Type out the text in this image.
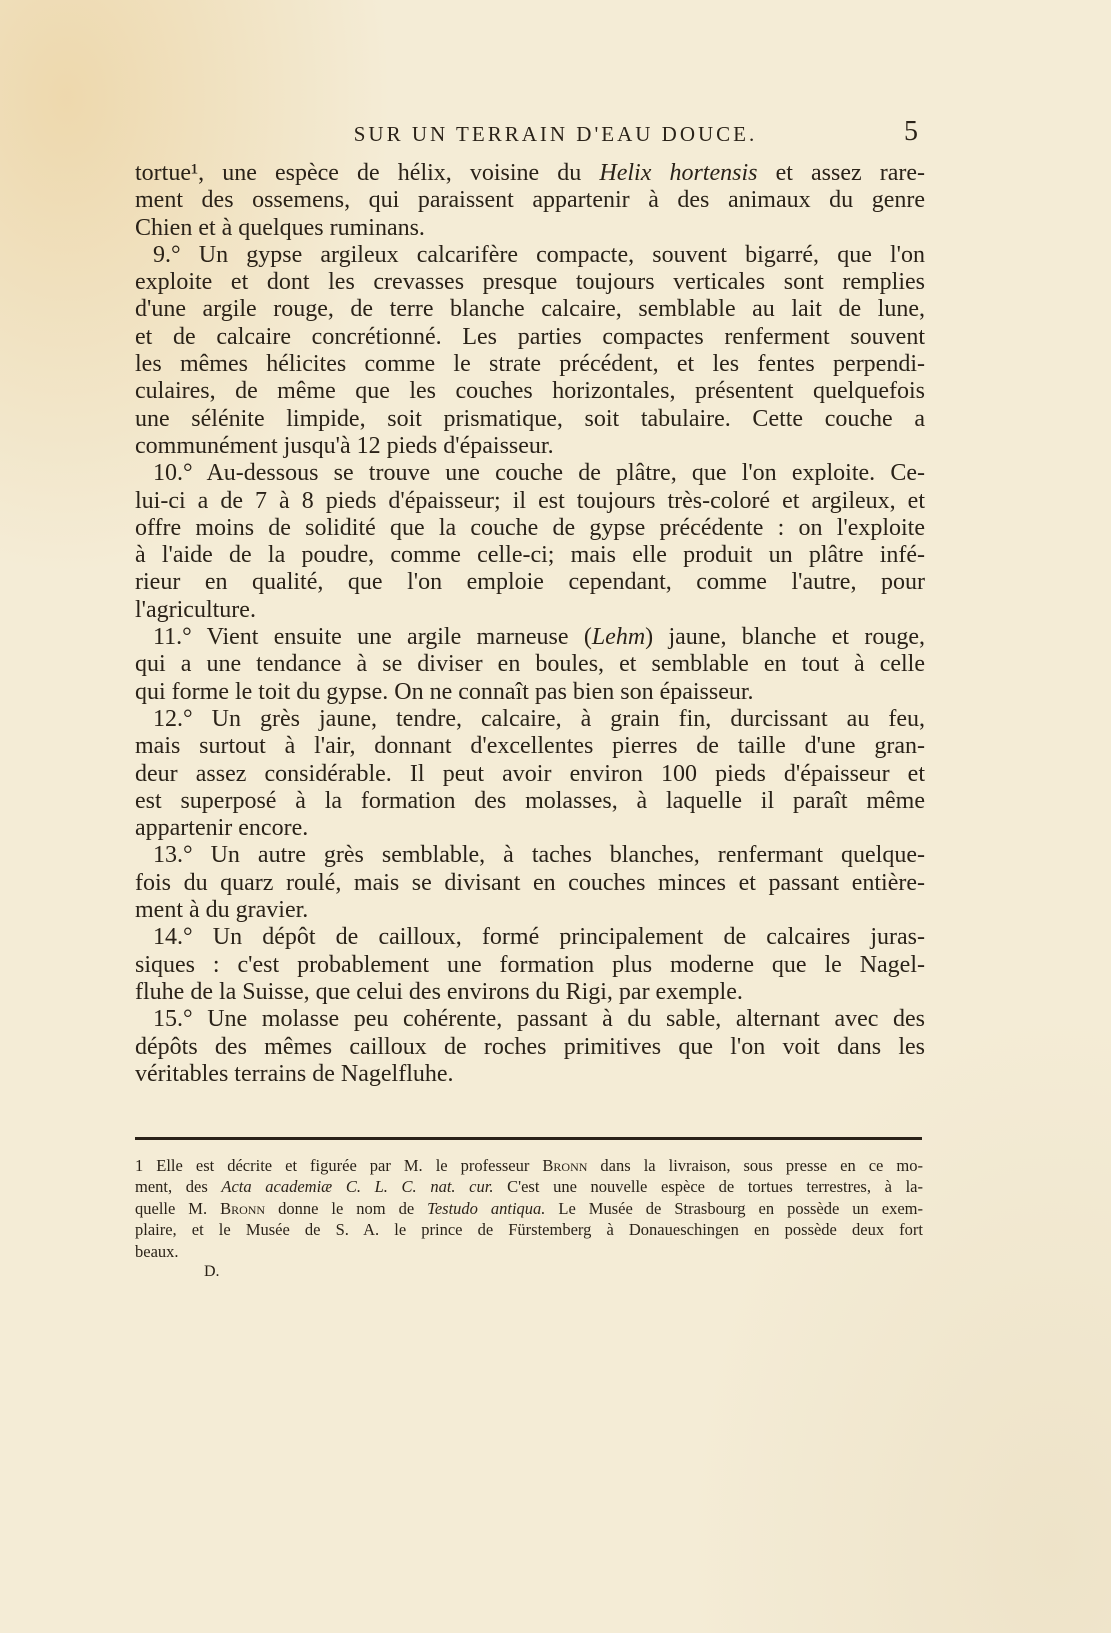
SUR UN TERRAIN D'EAU DOUCE.	5
tortue¹, une espèce de hélix, voisine du Helix hortensis et assez rare-
ment des ossemens, qui paraissent appartenir à des animaux du genre
Chien et à quelques ruminans.
9.° Un gypse argileux calcarifère compacte, souvent bigarré, que l'on
exploite et dont les crevasses presque toujours verticales sont remplies
d'une argile rouge, de terre blanche calcaire, semblable au lait de lune,
et de calcaire concrétionné. Les parties compactes renferment souvent
les mêmes hélicites comme le strate précédent, et les fentes perpendi-
culaires, de même que les couches horizontales, présentent quelquefois
une sélénite limpide, soit prismatique, soit tabulaire. Cette couche a
communément jusqu'à 12 pieds d'épaisseur.
10.° Au-dessous se trouve une couche de plâtre, que l'on exploite. Ce-
lui-ci a de 7 à 8 pieds d'épaisseur; il est toujours très-coloré et argileux, et
offre moins de solidité que la couche de gypse précédente : on l'exploite
à l'aide de la poudre, comme celle-ci; mais elle produit un plâtre infé-
rieur en qualité, que l'on emploie cependant, comme l'autre, pour
l'agriculture.
11.° Vient ensuite une argile marneuse (Lehm) jaune, blanche et rouge,
qui a une tendance à se diviser en boules, et semblable en tout à celle
qui forme le toit du gypse. On ne connaît pas bien son épaisseur.
12.° Un grès jaune, tendre, calcaire, à grain fin, durcissant au feu,
mais surtout à l'air, donnant d'excellentes pierres de taille d'une gran-
deur assez considérable. Il peut avoir environ 100 pieds d'épaisseur et
est superposé à la formation des molasses, à laquelle il paraît même
appartenir encore.
13.° Un autre grès semblable, à taches blanches, renfermant quelque-
fois du quarz roulé, mais se divisant en couches minces et passant entière-
ment à du gravier.
14.° Un dépôt de cailloux, formé principalement de calcaires juras-
siques : c'est probablement une formation plus moderne que le Nagel-
fluhe de la Suisse, que celui des environs du Rigi, par exemple.
15.° Une molasse peu cohérente, passant à du sable, alternant avec des
dépôts des mêmes cailloux de roches primitives que l'on voit dans les
véritables terrains de Nagelfluhe.
1 Elle est décrite et figurée par M. le professeur Bronn dans la livraison, sous presse en ce mo-
ment, des Acta academiæ C. L. C. nat. cur. C'est une nouvelle espèce de tortues terrestres, à la-
quelle M. Bronn donne le nom de Testudo antiqua. Le Musée de Strasbourg en possède un exem-
plaire, et le Musée de S. A. le prince de Fürstemberg à Donaueschingen en possède deux fort
beaux.
D.
